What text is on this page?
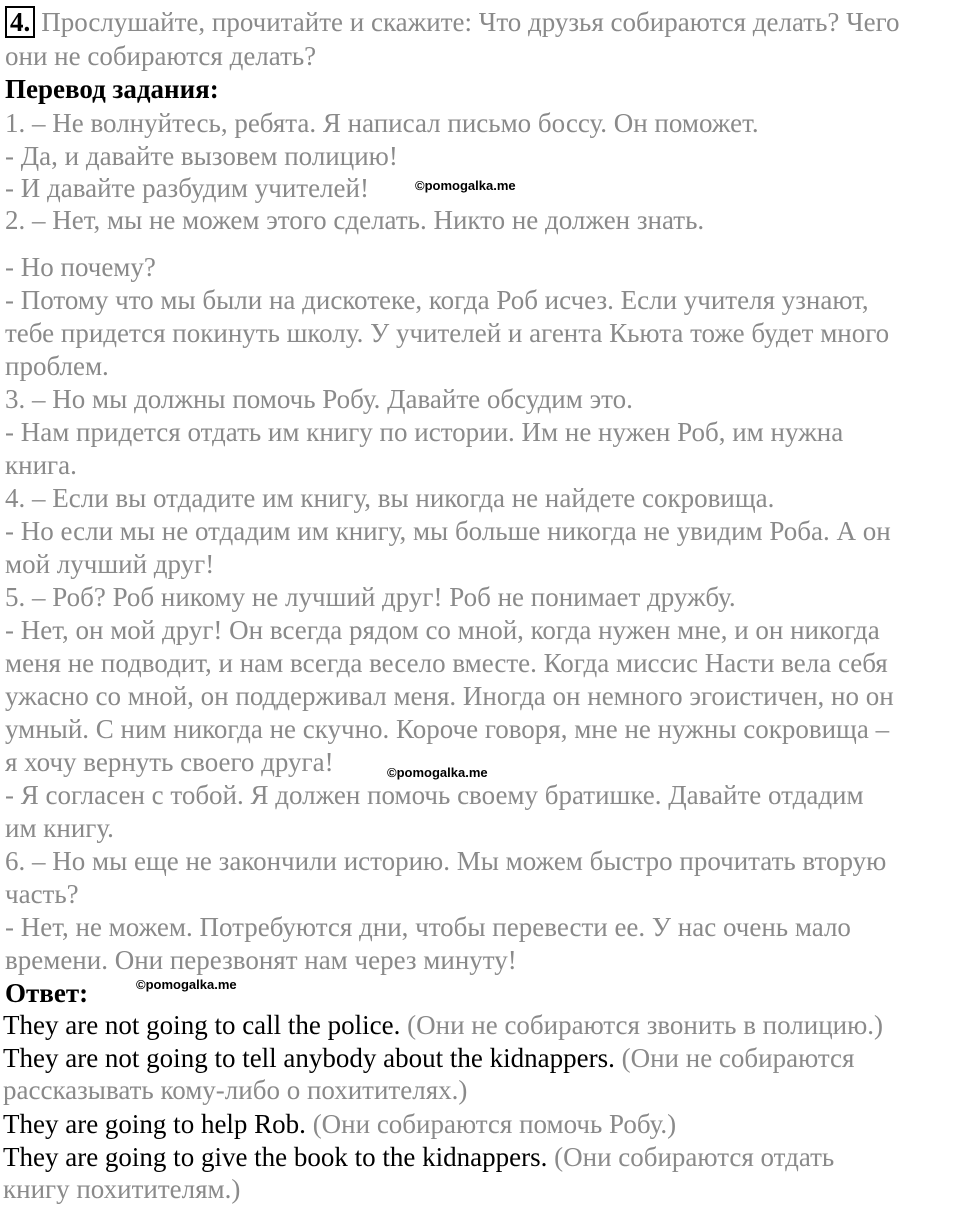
4. Прослушайте, прочитайте и скажите: Что друзья собираются делать? Чего
они не собираются делать?
Перевод задания:
1. – Не волнуйтесь, ребята. Я написал письмо боссу. Он поможет.
- Да, и давайте вызовем полицию!
- И давайте разбудим учителей!
2. – Нет, мы не можем этого сделать. Никто не должен знать.
- Но почему?
- Потому что мы были на дискотеке, когда Роб исчез. Если учителя узнают,
тебе придется покинуть школу. У учителей и агента Кьюта тоже будет много
проблем.
3. – Но мы должны помочь Робу. Давайте обсудим это.
- Нам придется отдать им книгу по истории. Им не нужен Роб, им нужна
книга.
4. – Если вы отдадите им книгу, вы никогда не найдете сокровища.
- Но если мы не отдадим им книгу, мы больше никогда не увидим Роба. А он
мой лучший друг!
5. – Роб? Роб никому не лучший друг! Роб не понимает дружбу.
- Нет, он мой друг! Он всегда рядом со мной, когда нужен мне, и он никогда
меня не подводит, и нам всегда весело вместе. Когда миссис Насти вела себя
ужасно со мной, он поддерживал меня. Иногда он немного эгоистичен, но он
умный. С ним никогда не скучно. Короче говоря, мне не нужны сокровища –
я хочу вернуть своего друга!
- Я согласен с тобой. Я должен помочь своему братишке. Давайте отдадим
им книгу.
6. – Но мы еще не закончили историю. Мы можем быстро прочитать вторую
часть?
- Нет, не можем. Потребуются дни, чтобы перевести ее. У нас очень мало
времени. Они перезвонят нам через минуту!
Ответ:
They are not going to call the police. (Они не собираются звонить в полицию.)
They are not going to tell anybody about the kidnappers. (Они не собираются
рассказывать кому-либо о похитителях.)
They are going to help Rob. (Они собираются помочь Робу.)
They are going to give the book to the kidnappers. (Они собираются отдать
книгу похитителям.)
©pomogalka.me
©pomogalka.me
©pomogalka.me
